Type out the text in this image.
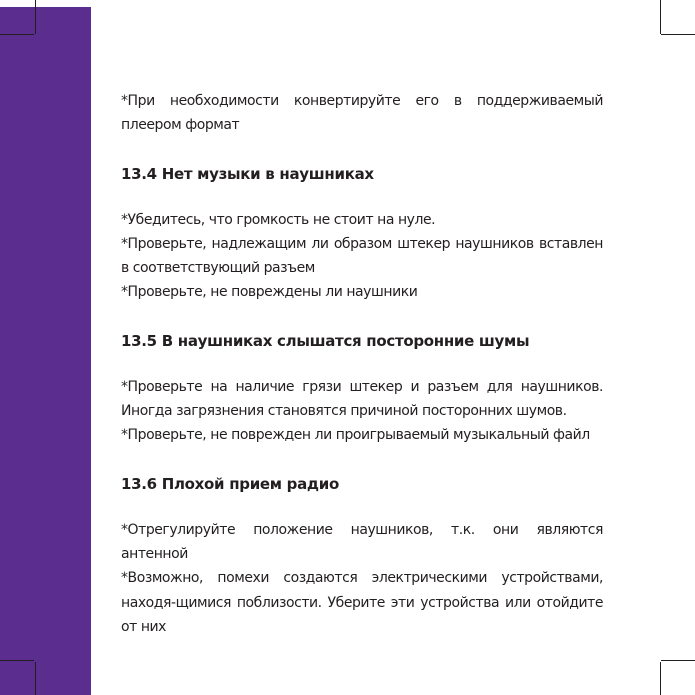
*При необходимости конвертируйте его в поддерживаемый плеером формат

13.4 Нет музыки в наушниках

*Убедитесь, что громкость не стоит на нуле.

*Проверьте, надлежащим ли образом штекер наушников вставлен в соответствующий разъем

*Проверьте, не повреждены ли наушники

13.5 В наушниках слышатся посторонние шумы

*Проверьте на наличие грязи штекер и разъем для наушников. Иногда загрязнения становятся причиной посторонних шумов.

*Проверьте, не поврежден ли проигрываемый музыкальный файл

13.6 Плохой прием радио

*Отрегулируйте положение наушников, т.к. они являются антенной

*Возможно, помехи создаются электрическими устройствами, находя-щимися поблизости. Уберите эти устройства или отойдите от них
